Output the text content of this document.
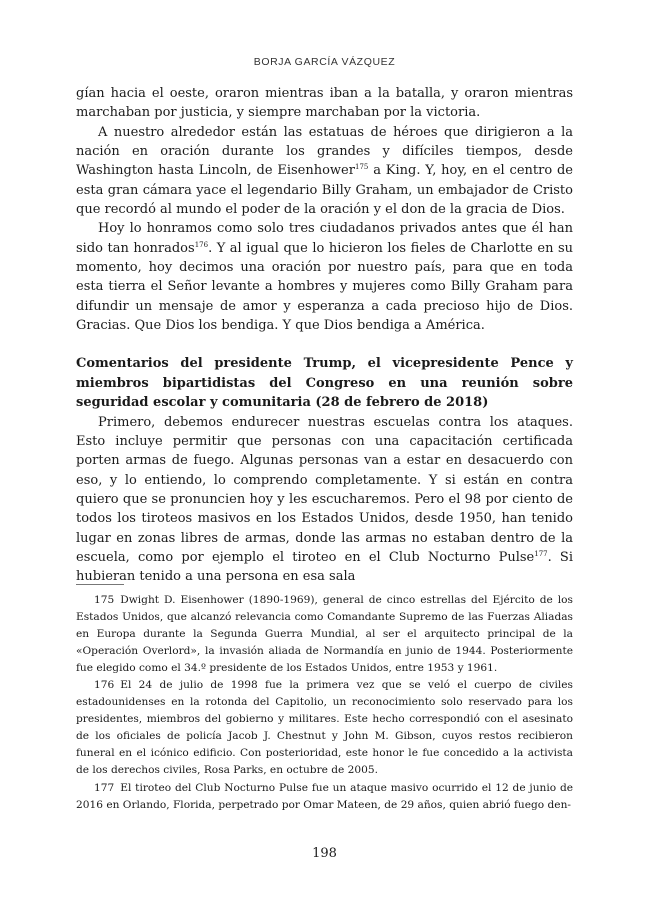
BORJA GARCÍA VÁZQUEZ

gían hacia el oeste, oraron mientras iban a la batalla, y oraron mientras marchaban por justicia, y siempre marchaban por la victoria.

A nuestro alrededor están las estatuas de héroes que dirigieron a la nación en oración durante los grandes y difíciles tiempos, desde Washington hasta Lincoln, de Eisenhower$^{175}$ a King. Y, hoy, en el centro de esta gran cámara yace el legendario Billy Graham, un embajador de Cristo que recordó al mundo el poder de la oración y el don de la gracia de Dios.

Hoy lo honramos como solo tres ciudadanos privados antes que él han sido tan honrados$^{176}$. Y al igual que lo hicieron los fieles de Charlotte en su momento, hoy decimos una oración por nuestro país, para que en toda esta tierra el Señor levante a hombres y mujeres como Billy Graham para difundir un mensaje de amor y esperanza a cada precioso hijo de Dios. Gracias. Que Dios los bendiga. Y que Dios bendiga a América.

Comentarios del presidente Trump, el vicepresidente Pence y miembros bipartidistas del Congreso en una reunión sobre seguridad escolar y comunitaria (28 de febrero de 2018)

Primero, debemos endurecer nuestras escuelas contra los ataques. Esto incluye permitir que personas con una capacitación certificada porten armas de fuego. Algunas personas van a estar en desacuerdo con eso, y lo entiendo, lo comprendo completamente. Y si están en contra quiero que se pronuncien hoy y les escucharemos. Pero el 98 por ciento de todos los tiroteos masivos en los Estados Unidos, desde 1950, han tenido lugar en zonas libres de armas, donde las armas no estaban dentro de la escuela, como por ejemplo el tiroteo en el Club Nocturno Pulse$^{177}$. Si hubieran tenido a una persona en esa sala

175 Dwight D. Eisenhower (1890-1969), general de cinco estrellas del Ejército de los Estados Unidos, que alcanzó relevancia como Comandante Supremo de las Fuerzas Aliadas en Europa durante la Segunda Guerra Mundial, al ser el arquitecto principal de la «Operación Overlord», la invasión aliada de Normandía en junio de 1944. Posteriormente fue elegido como el 34.º presidente de los Estados Unidos, entre 1953 y 1961.

176 El 24 de julio de 1998 fue la primera vez que se veló el cuerpo de civiles estadounidenses en la rotonda del Capitolio, un reconocimiento solo reservado para los presidentes, miembros del gobierno y militares. Este hecho correspondió con el asesinato de los oficiales de policía Jacob J. Chestnut y John M. Gibson, cuyos restos recibieron funeral en el icónico edificio. Con posterioridad, este honor le fue concedido a la activista de los derechos civiles, Rosa Parks, en octubre de 2005.

177 El tiroteo del Club Nocturno Pulse fue un ataque masivo ocurrido el 12 de junio de 2016 en Orlando, Florida, perpetrado por Omar Mateen, de 29 años, quien abrió fuego den-

198
